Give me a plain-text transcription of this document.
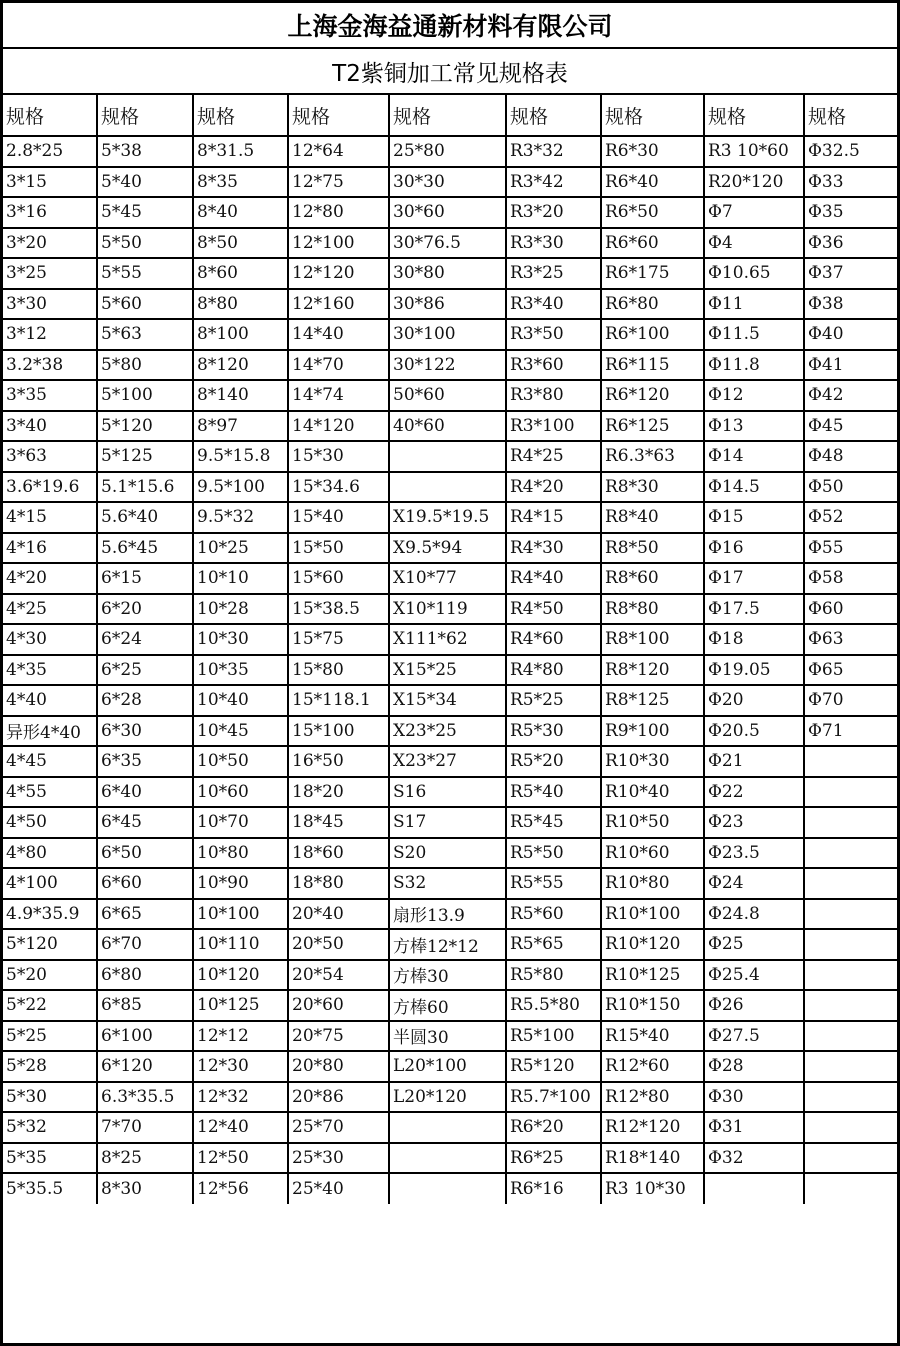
上海金海益通新材料有限公司
T2紫铜加工常见规格表
规格	规格	规格	规格	规格	规格	规格	规格	规格
2.8*25	5*38	8*31.5	12*64	25*80	R3*32	R6*30	R3 10*60	Φ32.5
3*15	5*40	8*35	12*75	30*30	R3*42	R6*40	R20*120	Φ33
3*16	5*45	8*40	12*80	30*60	R3*20	R6*50	Φ7	Φ35
3*20	5*50	8*50	12*100	30*76.5	R3*30	R6*60	Φ4	Φ36
3*25	5*55	8*60	12*120	30*80	R3*25	R6*175	Φ10.65	Φ37
3*30	5*60	8*80	12*160	30*86	R3*40	R6*80	Φ11	Φ38
3*12	5*63	8*100	14*40	30*100	R3*50	R6*100	Φ11.5	Φ40
3.2*38	5*80	8*120	14*70	30*122	R3*60	R6*115	Φ11.8	Φ41
3*35	5*100	8*140	14*74	50*60	R3*80	R6*120	Φ12	Φ42
3*40	5*120	8*97	14*120	40*60	R3*100	R6*125	Φ13	Φ45
3*63	5*125	9.5*15.8	15*30		R4*25	R6.3*63	Φ14	Φ48
3.6*19.6	5.1*15.6	9.5*100	15*34.6		R4*20	R8*30	Φ14.5	Φ50
4*15	5.6*40	9.5*32	15*40	X19.5*19.5	R4*15	R8*40	Φ15	Φ52
4*16	5.6*45	10*25	15*50	X9.5*94	R4*30	R8*50	Φ16	Φ55
4*20	6*15	10*10	15*60	X10*77	R4*40	R8*60	Φ17	Φ58
4*25	6*20	10*28	15*38.5	X10*119	R4*50	R8*80	Φ17.5	Φ60
4*30	6*24	10*30	15*75	X111*62	R4*60	R8*100	Φ18	Φ63
4*35	6*25	10*35	15*80	X15*25	R4*80	R8*120	Φ19.05	Φ65
4*40	6*28	10*40	15*118.1	X15*34	R5*25	R8*125	Φ20	Φ70
异形4*40	6*30	10*45	15*100	X23*25	R5*30	R9*100	Φ20.5	Φ71
4*45	6*35	10*50	16*50	X23*27	R5*20	R10*30	Φ21	
4*55	6*40	10*60	18*20	S16	R5*40	R10*40	Φ22	
4*50	6*45	10*70	18*45	S17	R5*45	R10*50	Φ23	
4*80	6*50	10*80	18*60	S20	R5*50	R10*60	Φ23.5	
4*100	6*60	10*90	18*80	S32	R5*55	R10*80	Φ24	
4.9*35.9	6*65	10*100	20*40	扇形13.9	R5*60	R10*100	Φ24.8	
5*120	6*70	10*110	20*50	方棒12*12	R5*65	R10*120	Φ25	
5*20	6*80	10*120	20*54	方棒30	R5*80	R10*125	Φ25.4	
5*22	6*85	10*125	20*60	方棒60	R5.5*80	R10*150	Φ26	
5*25	6*100	12*12	20*75	半圆30	R5*100	R15*40	Φ27.5	
5*28	6*120	12*30	20*80	L20*100	R5*120	R12*60	Φ28	
5*30	6.3*35.5	12*32	20*86	L20*120	R5.7*100	R12*80	Φ30	
5*32	7*70	12*40	25*70		R6*20	R12*120	Φ31	
5*35	8*25	12*50	25*30		R6*25	R18*140	Φ32	
5*35.5	8*30	12*56	25*40		R6*16	R3 10*30		
